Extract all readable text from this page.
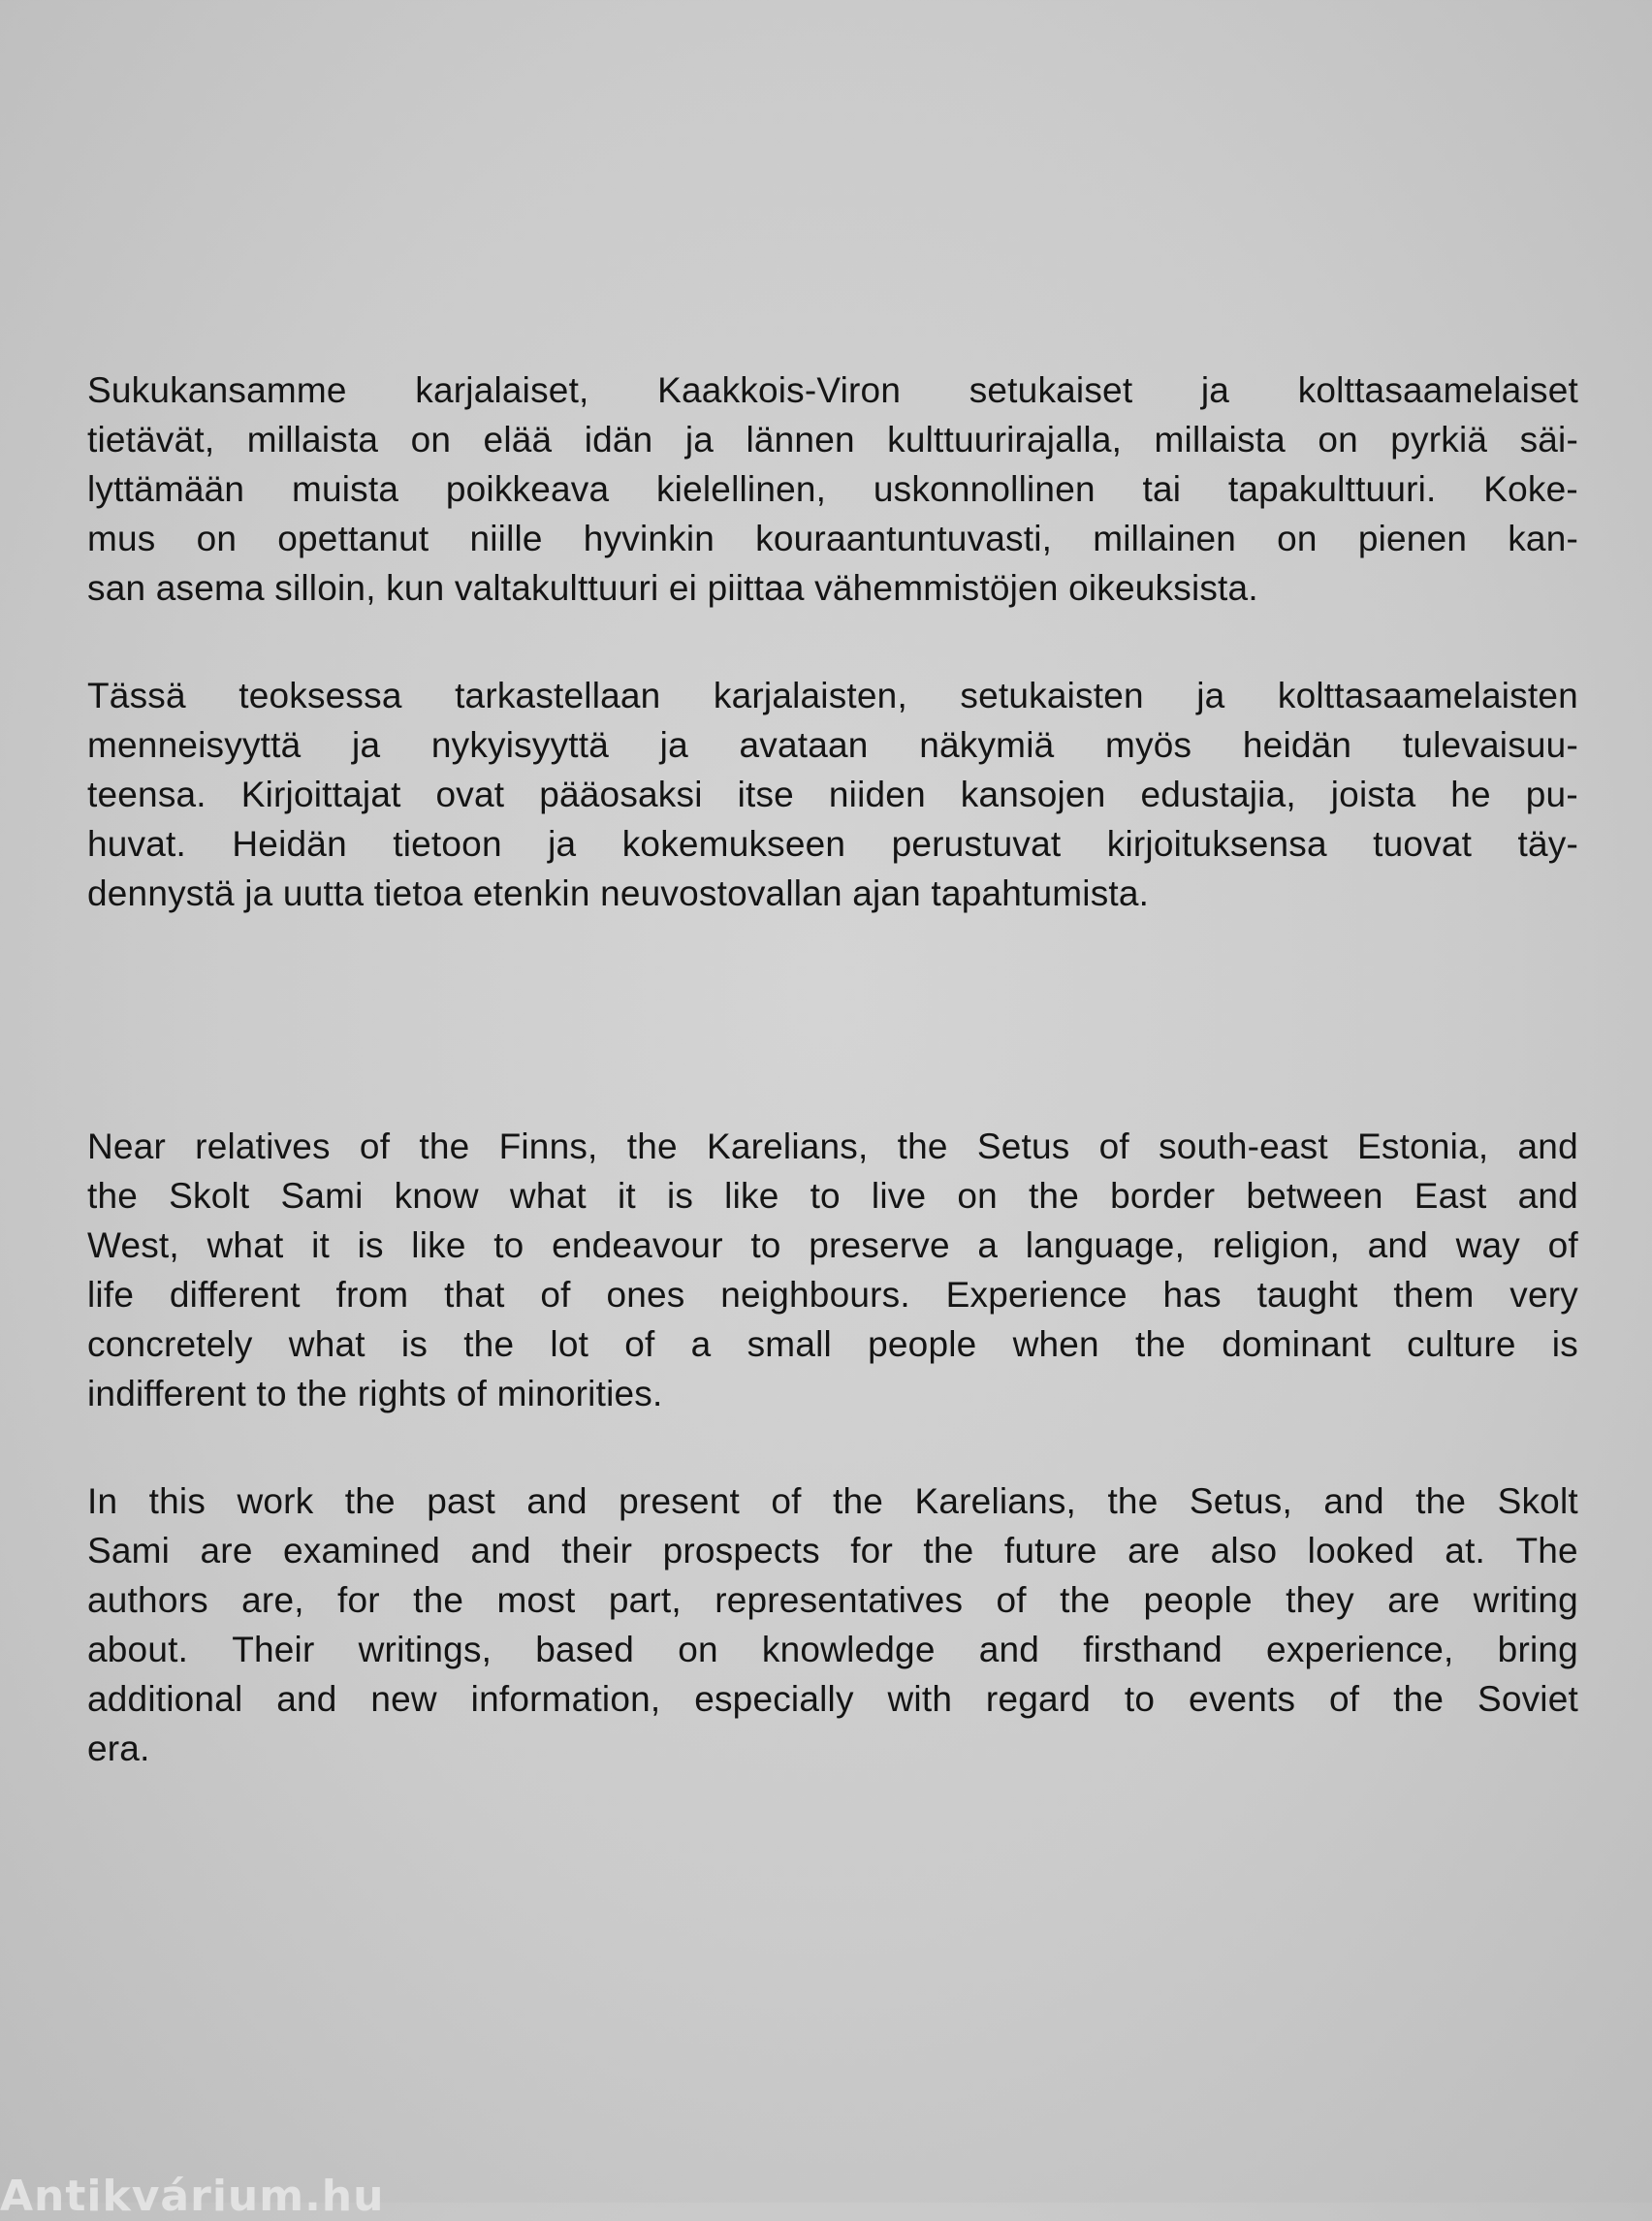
Sukukansamme karjalaiset, Kaakkois-Viron setukaiset ja kolttasaamelaiset
tietävät, millaista on elää idän ja lännen kulttuurirajalla, millaista on pyrkiä säi-
lyttämään muista poikkeava kielellinen, uskonnollinen tai tapakulttuuri. Koke-
mus on opettanut niille hyvinkin kouraantuntuvasti, millainen on pienen kan-
san asema silloin, kun valtakulttuuri ei piittaa vähemmistöjen oikeuksista.
Tässä teoksessa tarkastellaan karjalaisten, setukaisten ja kolttasaamelaisten
menneisyyttä ja nykyisyyttä ja avataan näkymiä myös heidän tulevaisuu-
teensa. Kirjoittajat ovat pääosaksi itse niiden kansojen edustajia, joista he pu-
huvat. Heidän tietoon ja kokemukseen perustuvat kirjoituksensa tuovat täy-
dennystä ja uutta tietoa etenkin neuvostovallan ajan tapahtumista.
Near relatives of the Finns, the Karelians, the Setus of south-east Estonia, and
the Skolt Sami know what it is like to live on the border between East and
West, what it is like to endeavour to preserve a language, religion, and way of
life different from that of ones neighbours. Experience has taught them very
concretely what is the lot of a small people when the dominant culture is
indifferent to the rights of minorities.
In this work the past and present of the Karelians, the Setus, and the Skolt
Sami are examined and their prospects for the future are also looked at. The
authors are, for the most part, representatives of the people they are writing
about. Their writings, based on knowledge and firsthand experience, bring
additional and new information, especially with regard to events of the Soviet
era.
Antikvárium.hu
